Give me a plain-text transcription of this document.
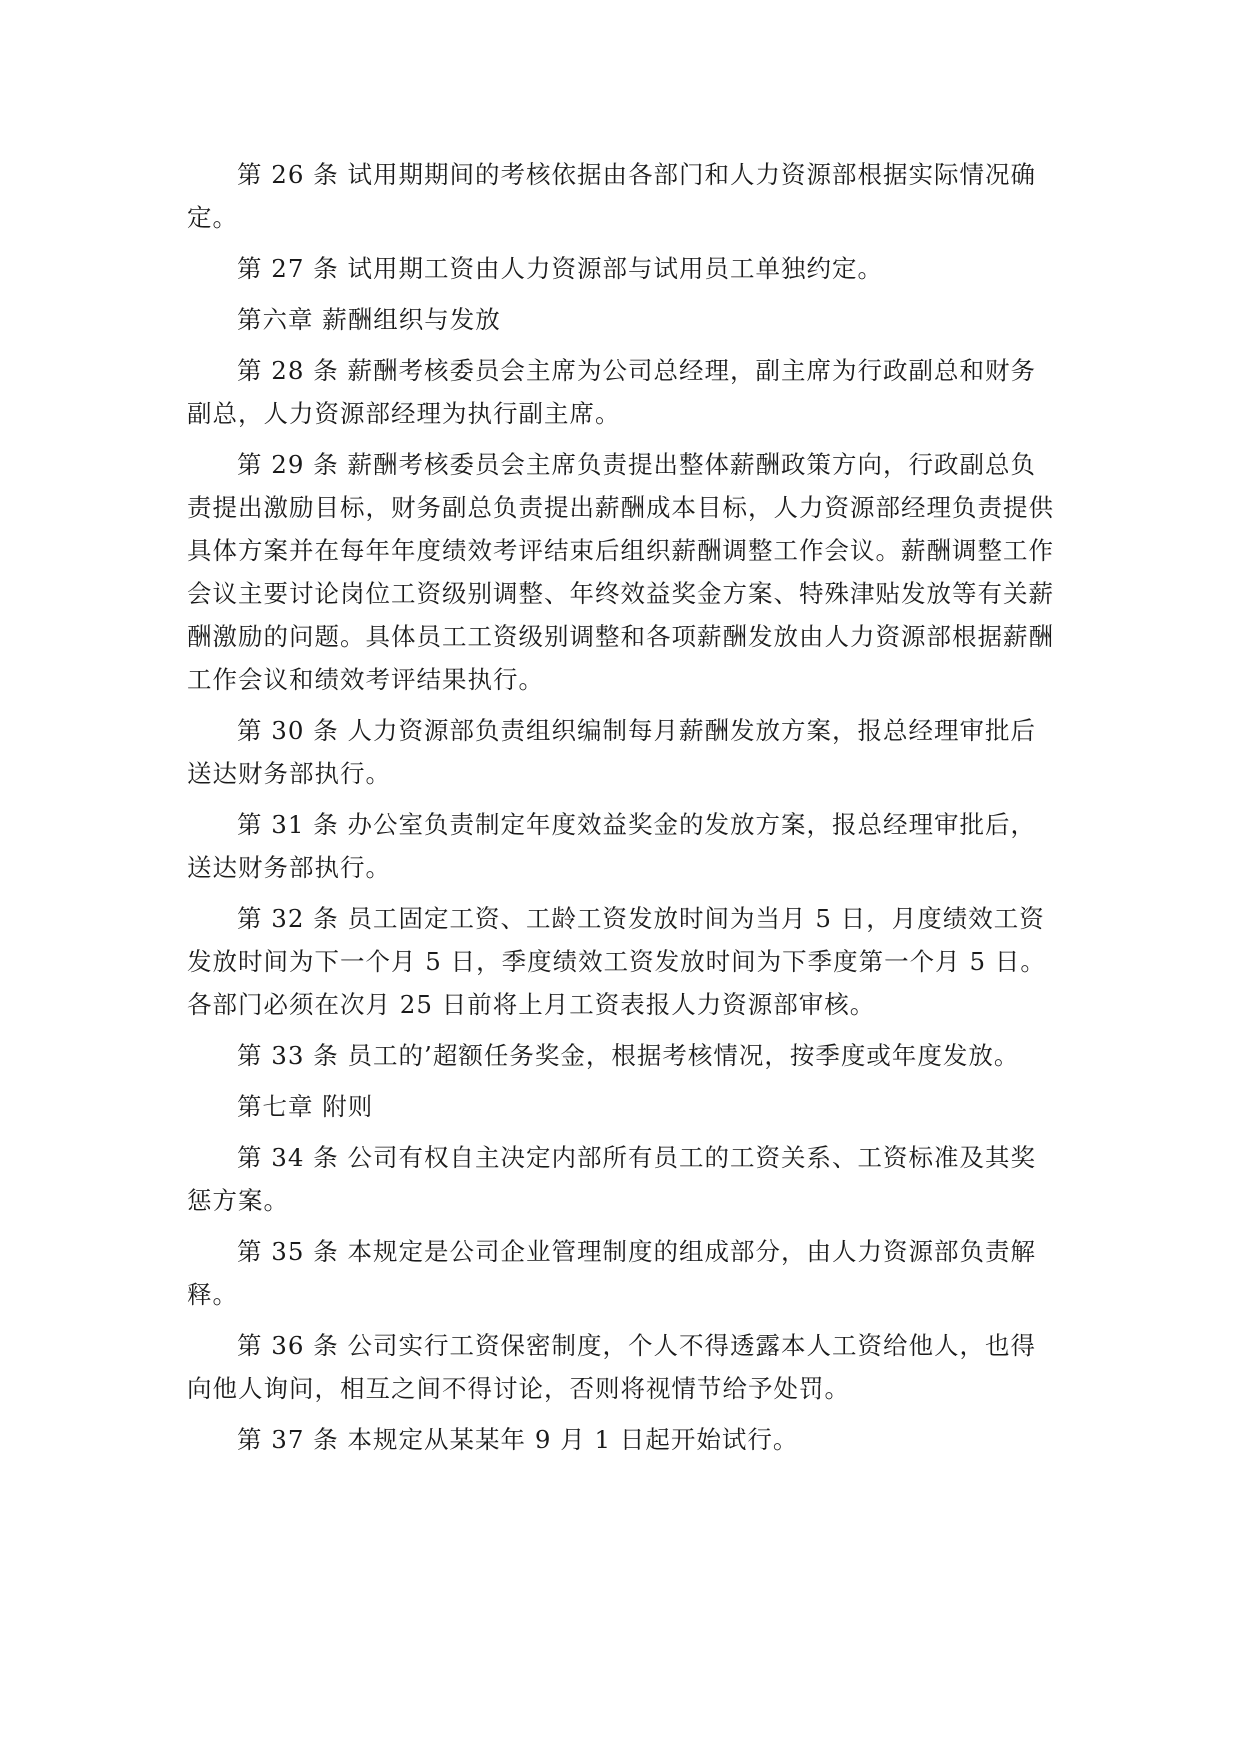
第 26 条 试用期期间的考核依据由各部门和人力资源部根据实际情况确定。

第 27 条 试用期工资由人力资源部与试用员工单独约定。

第六章 薪酬组织与发放

第 28 条 薪酬考核委员会主席为公司总经理，副主席为行政副总和财务副总，人力资源部经理为执行副主席。

第 29 条 薪酬考核委员会主席负责提出整体薪酬政策方向，行政副总负责提出激励目标，财务副总负责提出薪酬成本目标，人力资源部经理负责提供具体方案并在每年年度绩效考评结束后组织薪酬调整工作会议。薪酬调整工作会议主要讨论岗位工资级别调整、年终效益奖金方案、特殊津贴发放等有关薪酬激励的问题。具体员工工资级别调整和各项薪酬发放由人力资源部根据薪酬工作会议和绩效考评结果执行。

第 30 条 人力资源部负责组织编制每月薪酬发放方案，报总经理审批后送达财务部执行。

第 31 条 办公室负责制定年度效益奖金的发放方案，报总经理审批后，送达财务部执行。

第 32 条 员工固定工资、工龄工资发放时间为当月 5 日，月度绩效工资发放时间为下一个月 5 日，季度绩效工资发放时间为下季度第一个月 5 日。各部门必须在次月 25 日前将上月工资表报人力资源部审核。

第 33 条 员工的’超额任务奖金，根据考核情况，按季度或年度发放。

第七章 附则

第 34 条 公司有权自主决定内部所有员工的工资关系、工资标准及其奖惩方案。

第 35 条 本规定是公司企业管理制度的组成部分，由人力资源部负责解释。

第 36 条 公司实行工资保密制度，个人不得透露本人工资给他人，也得向他人询问，相互之间不得讨论，否则将视情节给予处罚。

第 37 条 本规定从某某年 9 月 1 日起开始试行。
